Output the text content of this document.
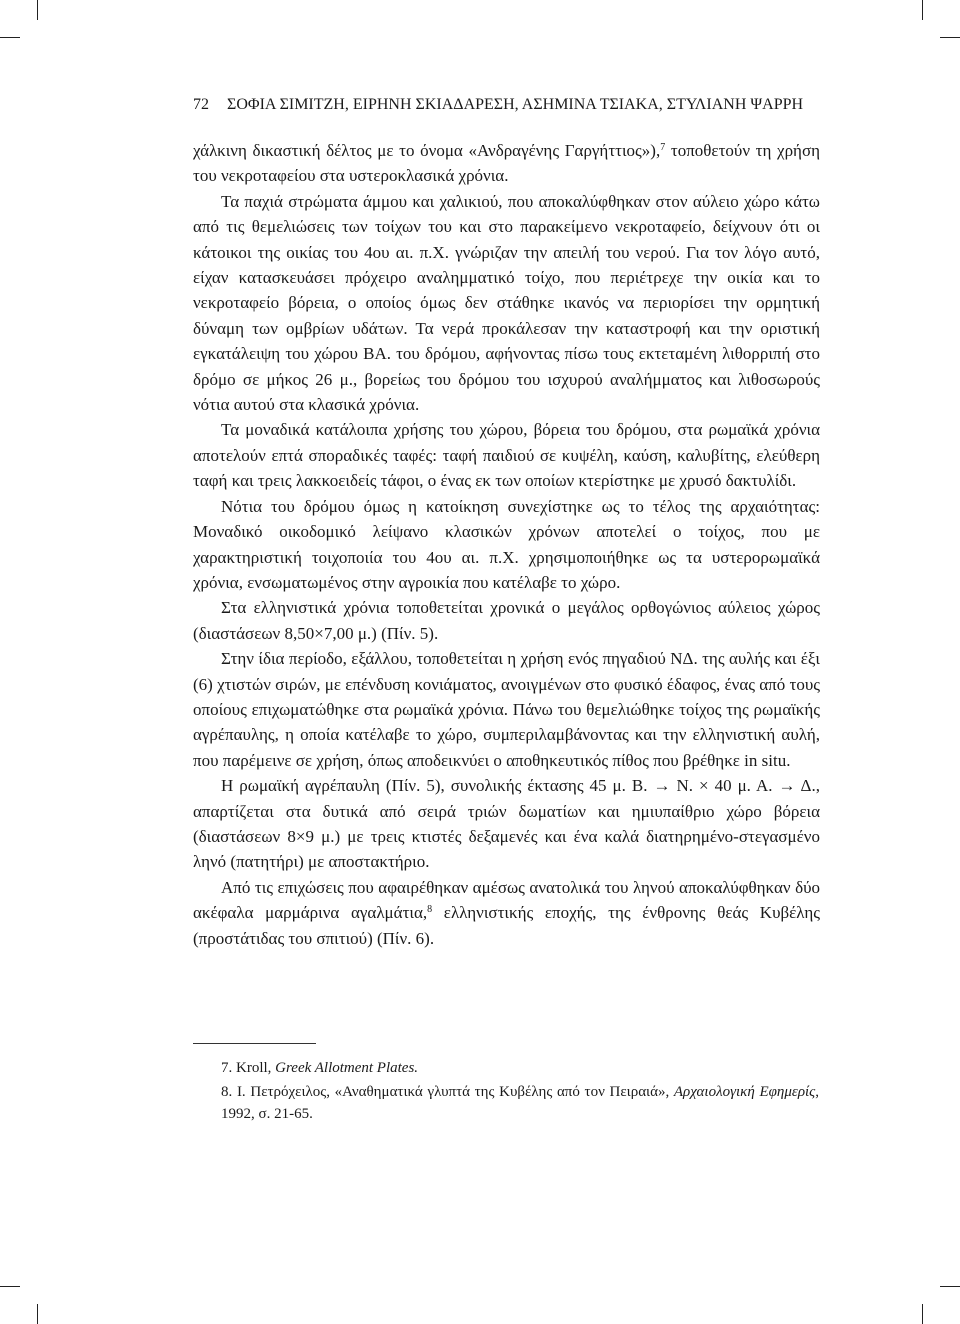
72 ΣΟΦΙΑ ΣΙΜΙΤΖΗ, ΕΙΡΗΝΗ ΣΚΙΑΔΑΡΕΣΗ, ΑΣΗΜΙΝΑ ΤΣΙΑΚΑ, ΣΤΥΛΙΑΝΗ ΨΑΡΡΗ

χάλκινη δικαστική δέλτος με το όνομα «Ανδραγένης Γαργήττιος»),$^7$ τοποθετούν τη χρήση του νεκροταφείου στα υστεροκλασικά χρόνια.

Τα παχιά στρώματα άμμου και χαλικιού, που αποκαλύφθηκαν στον αύλειο χώρο κάτω από τις θεμελιώσεις των τοίχων του και στο παρακείμενο νεκροταφείο, δείχνουν ότι οι κάτοικοι της οικίας του 4ου αι. π.Χ. γνώριζαν την απειλή του νερού. Για τον λόγο αυτό, είχαν κατασκευάσει πρόχειρο αναλημματικό τοίχο, που περιέτρεχε την οικία και το νεκροταφείο βόρεια, ο οποίος όμως δεν στάθηκε ικανός να περιορίσει την ορμητική δύναμη των ομβρίων υδάτων. Τα νερά προκάλεσαν την καταστροφή και την οριστική εγκατάλειψη του χώρου ΒΑ. του δρόμου, αφήνοντας πίσω τους εκτεταμένη λιθορριπή στο δρόμο σε μήκος 26 μ., βορείως του δρόμου του ισχυρού αναλήμματος και λιθοσωρούς νότια αυτού στα κλασικά χρόνια.

Τα μοναδικά κατάλοιπα χρήσης του χώρου, βόρεια του δρόμου, στα ρωμαϊκά χρόνια αποτελούν επτά σποραδικές ταφές: ταφή παιδιού σε κυψέλη, καύση, καλυβίτης, ελεύθερη ταφή και τρεις λακκοειδείς τάφοι, ο ένας εκ των οποίων κτερίστηκε με χρυσό δακτυλίδι.

Νότια του δρόμου όμως η κατοίκηση συνεχίστηκε ως το τέλος της αρχαιότητας: Μοναδικό οικοδομικό λείψανο κλασικών χρόνων αποτελεί ο τοίχος, που με χαρακτηριστική τοιχοποιία του 4ου αι. π.Χ. χρησιμοποιήθηκε ως τα υστερορωμαϊκά χρόνια, ενσωματωμένος στην αγροικία που κατέλαβε το χώρο.

Στα ελληνιστικά χρόνια τοποθετείται χρονικά ο μεγάλος ορθογώνιος αύλειος χώρος (διαστάσεων 8,50×7,00 μ.) (Πίν. 5).

Στην ίδια περίοδο, εξάλλου, τοποθετείται η χρήση ενός πηγαδιού ΝΔ. της αυλής και έξι (6) χτιστών σιρών, με επένδυση κονιάματος, ανοιγμένων στο φυσικό έδαφος, ένας από τους οποίους επιχωματώθηκε στα ρωμαϊκά χρόνια. Πάνω του θεμελιώθηκε τοίχος της ρωμαϊκής αγρέπαυλης, η οποία κατέλαβε το χώρο, συμπεριλαμβάνοντας και την ελληνιστική αυλή, που παρέμεινε σε χρήση, όπως αποδεικνύει ο αποθηκευτικός πίθος που βρέθηκε in situ.

Η ρωμαϊκή αγρέπαυλη (Πίν. 5), συνολικής έκτασης 45 μ. Β. → Ν. × 40 μ. Α. → Δ., απαρτίζεται στα δυτικά από σειρά τριών δωματίων και ημιυπαίθριο χώρο βόρεια (διαστάσεων 8×9 μ.) με τρεις κτιστές δεξαμενές και ένα καλά διατηρημένο-στεγασμένο ληνό (πατητήρι) με αποστακτήριο.

Από τις επιχώσεις που αφαιρέθηκαν αμέσως ανατολικά του ληνού αποκαλύφθηκαν δύο ακέφαλα μαρμάρινα αγαλμάτια,$^8$ ελληνιστικής εποχής, της ένθρονης θεάς Κυβέλης (προστάτιδας του σπιτιού) (Πίν. 6).

7. Kroll, Greek Allotment Plates.

8. Ι. Πετρόχειλος, «Αναθηματικά γλυπτά της Κυβέλης από τον Πειραιά», Αρχαιολογική Εφημερίς, 1992, σ. 21-65.
